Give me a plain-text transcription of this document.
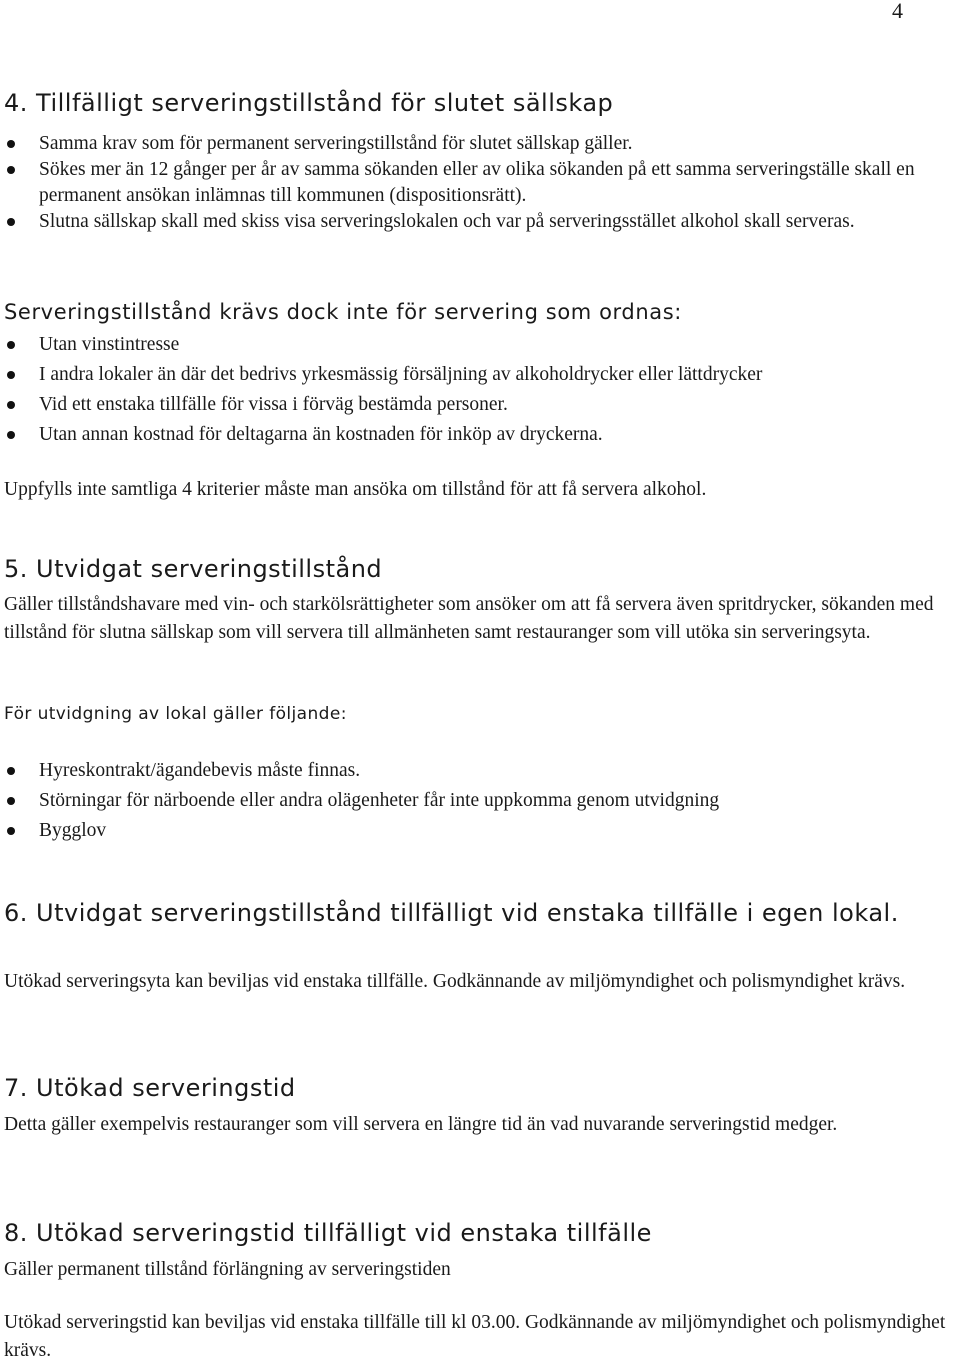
4
4. Tillfälligt serveringstillstånd för slutet sällskap
Samma krav som för permanent serveringstillstånd för slutet sällskap gäller.
Sökes mer än 12 gånger per år av samma sökanden eller av olika sökanden på ett samma serveringställe skall en permanent ansökan inlämnas till kommunen (dispositionsrätt).
Slutna sällskap skall med skiss visa serveringslokalen och var på serveringsstället alkohol skall serveras.
Serveringstillstånd krävs dock inte för servering som ordnas:
Utan vinstintresse
I andra lokaler än där det bedrivs yrkesmässig försäljning av alkoholdrycker eller lättdrycker
Vid ett enstaka tillfälle för vissa i förväg bestämda personer.
Utan annan kostnad för deltagarna än kostnaden för inköp av dryckerna.

Uppfylls inte samtliga 4 kriterier måste man ansöka om tillstånd för att få servera alkohol.

5. Utvidgat serveringstillstånd

Gäller tillståndshavare med vin- och starkölsrättigheter som ansöker om att få servera även spritdrycker, sökanden med tillstånd för slutna sällskap som vill servera till allmänheten samt restauranger som vill utöka sin serveringsyta.

För utvidgning av lokal gäller följande:
Hyreskontrakt/ägandebevis måste finnas.
Störningar för närboende eller andra olägenheter får inte uppkomma genom utvidgning
Bygglov
6. Utvidgat serveringstillstånd tillfälligt vid enstaka tillfälle i egen lokal.

Utökad serveringsyta kan beviljas vid enstaka tillfälle. Godkännande av miljömyndighet och polismyndighet krävs.

7. Utökad serveringstid

Detta gäller exempelvis restauranger som vill servera en längre tid än vad nuvarande serveringstid medger.

8. Utökad serveringstid tillfälligt vid enstaka tillfälle

Gäller permanent tillstånd förlängning av serveringstiden

Utökad serveringstid kan beviljas vid enstaka tillfälle till kl 03.00. Godkännande av miljömyndighet och polismyndighet krävs.
